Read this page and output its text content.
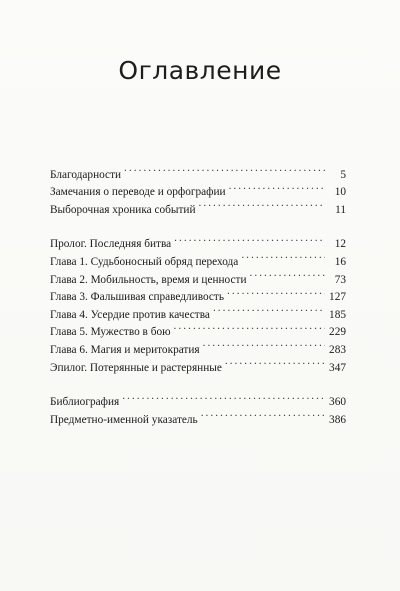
Оглавление
Благодарности . . .	5
Замечания о переводе и орфографии . . .	10
Выборочная хроника событий . . .	11
Пролог. Последняя битва . . .	12
Глава 1. Судьбоносный обряд перехода . . .	16
Глава 2. Мобильность, время и ценности . . .	73
Глава 3. Фальшивая справедливость . . .	127
Глава 4. Усердие против качества . . .	185
Глава 5. Мужество в бою . . .	229
Глава 6. Магия и меритократия . . .	283
Эпилог. Потерянные и растерянные . . .	347
Библиография . . .	360
Предметно-именной указатель . . .	386
